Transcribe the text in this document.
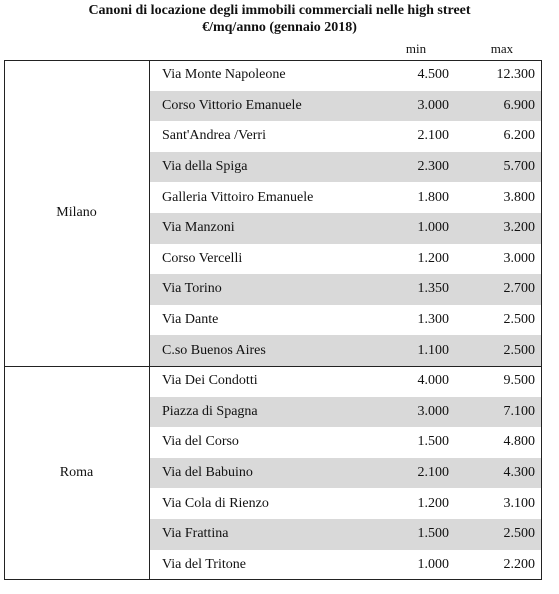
Canoni di locazione degli immobili commerciali nelle high street
€/mq/anno (gennaio 2018)
min	max
Via Monte Napoleone	4.500	12.300
Corso Vittorio Emanuele	3.000	6.900
Sant'Andrea /Verri	2.100	6.200
Via della Spiga	2.300	5.700
Galleria Vittoiro Emanuele	1.800	3.800
Via Manzoni	1.000	3.200
Corso Vercelli	1.200	3.000
Via Torino	1.350	2.700
Via Dante	1.300	2.500
C.so Buenos Aires	1.100	2.500
Milano
Via Dei Condotti	4.000	9.500
Piazza di Spagna	3.000	7.100
Via del Corso	1.500	4.800
Via del Babuino	2.100	4.300
Via Cola di Rienzo	1.200	3.100
Via Frattina	1.500	2.500
Via del Tritone	1.000	2.200
Roma
